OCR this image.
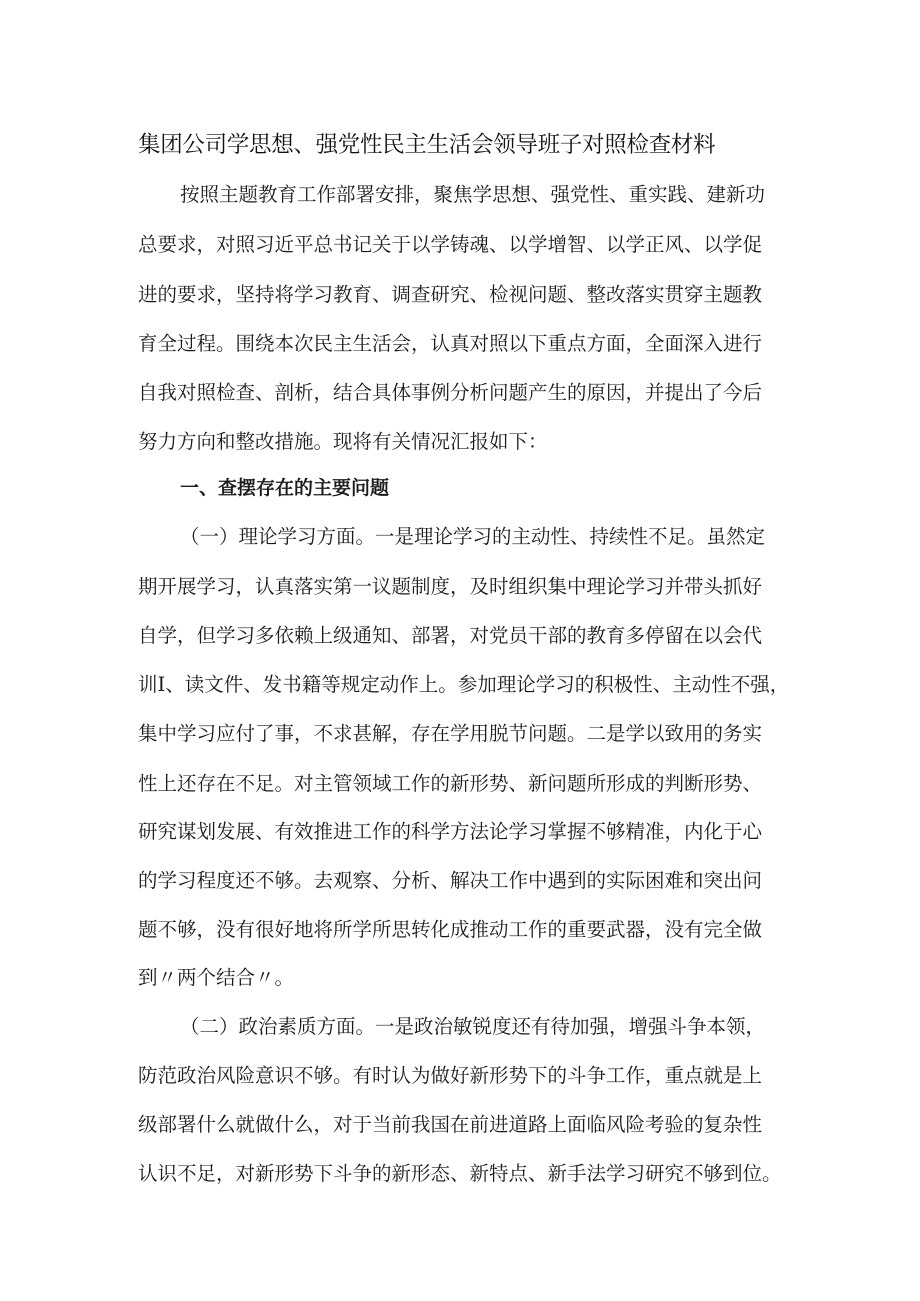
集团公司学思想、强党性民主生活会领导班子对照检查材料
按照主题教育工作部署安排，聚焦学思想、强党性、重实践、建新功
总要求，对照习近平总书记关于以学铸魂、以学增智、以学正风、以学促
进的要求，坚持将学习教育、调查研究、检视问题、整改落实贯穿主题教
育全过程。围绕本次民主生活会，认真对照以下重点方面，全面深入进行
自我对照检查、剖析，结合具体事例分析问题产生的原因，并提出了今后
努力方向和整改措施。现将有关情况汇报如下：
一、查摆存在的主要问题
（一）理论学习方面。一是理论学习的主动性、持续性不足。虽然定
期开展学习，认真落实第一议题制度，及时组织集中理论学习并带头抓好
自学，但学习多依赖上级通知、部署，对党员干部的教育多停留在以会代
训Ⅰ、读文件、发书籍等规定动作上。参加理论学习的积极性、主动性不强，
集中学习应付了事，不求甚解，存在学用脱节问题。二是学以致用的务实
性上还存在不足。对主管领域工作的新形势、新问题所形成的判断形势、
研究谋划发展、有效推进工作的科学方法论学习掌握不够精准，内化于心
的学习程度还不够。去观察、分析、解决工作中遇到的实际困难和突出问
题不够，没有很好地将所学所思转化成推动工作的重要武器，没有完全做
到〃两个结合〃。
（二）政治素质方面。一是政治敏锐度还有待加强，增强斗争本领，
防范政治风险意识不够。有时认为做好新形势下的斗争工作，重点就是上
级部署什么就做什么，对于当前我国在前进道路上面临风险考验的复杂性
认识不足，对新形势下斗争的新形态、新特点、新手法学习研究不够到位。
